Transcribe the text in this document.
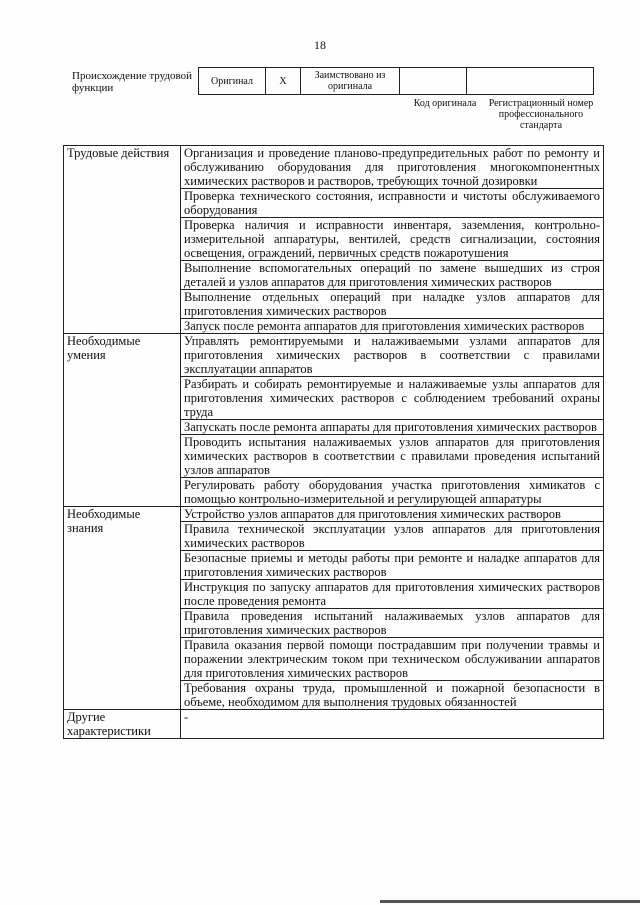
18
Происхождение трудовой функции
Оригинал	X	Заимствовано из оригинала		
Код оригинала	Регистрационный номер профессионального стандарта
Трудовые действия	Организация и проведение планово-предупредительных работ по ремонту и обслуживанию оборудования для приготовления многокомпонентных химических растворов и растворов, требующих точной дозировки
	Проверка технического состояния, исправности и чистоты обслуживаемого оборудования
	Проверка наличия и исправности инвентаря, заземления, контрольно-измерительной аппаратуры, вентилей, средств сигнализации, состояния освещения, ограждений, первичных средств пожаротушения
	Выполнение вспомогательных операций по замене вышедших из строя деталей и узлов аппаратов для приготовления химических растворов
	Выполнение отдельных операций при наладке узлов аппаратов для приготовления химических растворов
	Запуск после ремонта аппаратов для приготовления химических растворов
Необходимые умения	Управлять ремонтируемыми и налаживаемыми узлами аппаратов для приготовления химических растворов в соответствии с правилами эксплуатации аппаратов
	Разбирать и собирать ремонтируемые и налаживаемые узлы аппаратов для приготовления химических растворов с соблюдением требований охраны труда
	Запускать после ремонта аппараты для приготовления химических растворов
	Проводить испытания налаживаемых узлов аппаратов для приготовления химических растворов в соответствии с правилами проведения испытаний узлов аппаратов
	Регулировать работу оборудования участка приготовления химикатов с помощью контрольно-измерительной и регулирующей аппаратуры
Необходимые знания	Устройство узлов аппаратов для приготовления химических растворов
	Правила технической эксплуатации узлов аппаратов для приготовления химических растворов
	Безопасные приемы и методы работы при ремонте и наладке аппаратов для приготовления химических растворов
	Инструкция по запуску аппаратов для приготовления химических растворов после проведения ремонта
	Правила проведения испытаний налаживаемых узлов аппаратов для приготовления химических растворов
	Правила оказания первой помощи пострадавшим при получении травмы и поражении электрическим током при техническом обслуживании аппаратов для приготовления химических растворов
	Требования охраны труда, промышленной и пожарной безопасности в объеме, необходимом для выполнения трудовых обязанностей
Другие характеристики	-
